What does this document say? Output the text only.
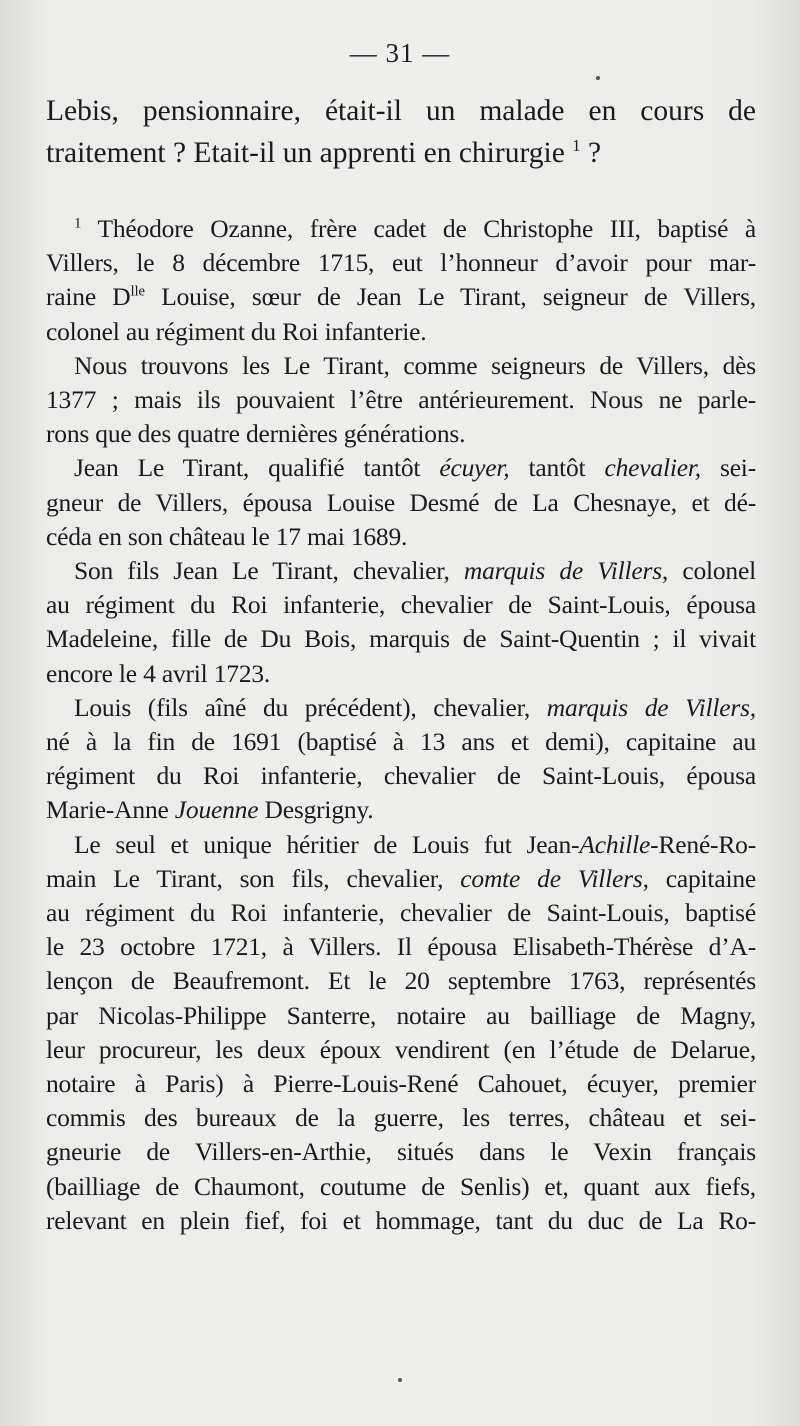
— 31 —
Lebis, pensionnaire, était-il un malade en cours de
traitement ? Etait-il un apprenti en chirurgie $^1$ ?
$^1$ Théodore Ozanne, frère cadet de Christophe III, baptisé à
Villers, le 8 décembre 1715, eut l’honneur d’avoir pour mar-
raine $D^{lle}$ Louise, sœur de Jean Le Tirant, seigneur de Villers,
colonel au régiment du Roi infanterie.
Nous trouvons les Le Tirant, comme seigneurs de Villers, dès
1377 ; mais ils pouvaient l’être antérieurement. Nous ne parle-
rons que des quatre dernières générations.
Jean Le Tirant, qualifié tantôt écuyer, tantôt chevalier, sei-
gneur de Villers, épousa Louise Desmé de La Chesnaye, et dé-
céda en son château le 17 mai 1689.
Son fils Jean Le Tirant, chevalier, marquis de Villers, colonel
au régiment du Roi infanterie, chevalier de Saint-Louis, épousa
Madeleine, fille de Du Bois, marquis de Saint-Quentin ; il vivait
encore le 4 avril 1723.
Louis (fils aîné du précédent), chevalier, marquis de Villers,
né à la fin de 1691 (baptisé à 13 ans et demi), capitaine au
régiment du Roi infanterie, chevalier de Saint-Louis, épousa
Marie-Anne Jouenne Desgrigny.
Le seul et unique héritier de Louis fut Jean-Achille-René-Ro-
main Le Tirant, son fils, chevalier, comte de Villers, capitaine
au régiment du Roi infanterie, chevalier de Saint-Louis, baptisé
le 23 octobre 1721, à Villers. Il épousa Elisabeth-Thérèse d’A-
lençon de Beaufremont. Et le 20 septembre 1763, représentés
par Nicolas-Philippe Santerre, notaire au bailliage de Magny,
leur procureur, les deux époux vendirent (en l’étude de Delarue,
notaire à Paris) à Pierre-Louis-René Cahouet, écuyer, premier
commis des bureaux de la guerre, les terres, château et sei-
gneurie de Villers-en-Arthie, situés dans le Vexin français
(bailliage de Chaumont, coutume de Senlis) et, quant aux fiefs,
relevant en plein fief, foi et hommage, tant du duc de La Ro-
